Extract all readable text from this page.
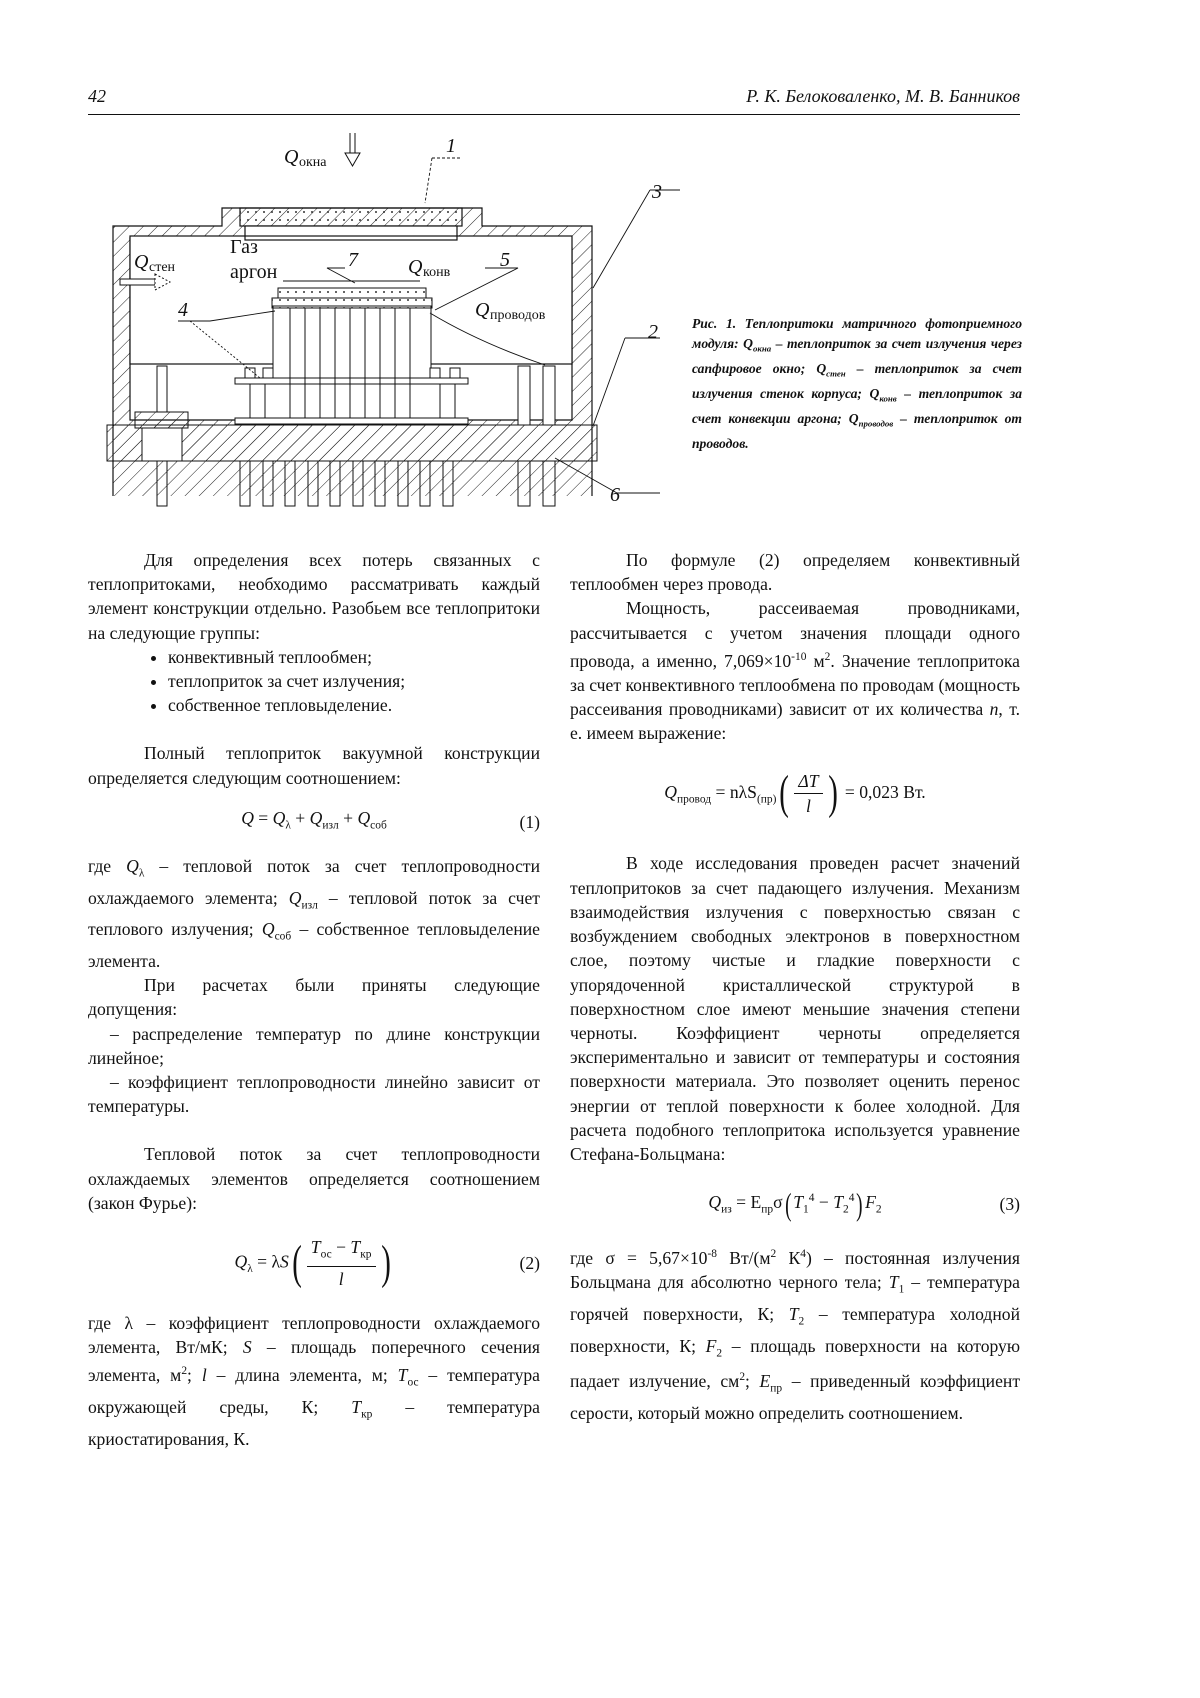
42	Р. К. Белоковаленко, М. В. Банников
Q окна
Q стен
Газ
аргон	Q конв
Q проводов
1
2
3
4
5
6
7
Рис. 1. Теплопритоки матричного фотоприемного модуля: Qокна – теплоприток за счет излучения через сапфировое окно; Qстен – теплоприток за счет излучения стенок корпуса; Qконв – теплоприток за счет конвекции аргона; Qпроводов – теплоприток от проводов.

Для определения всех потерь связанных с теплопритоками, необходимо рассматривать каждый элемент конструкции отдельно. Разобьем все теплопритоки на следующие группы:

• конвективный теплообмен;
• теплоприток за счет излучения;
• собственное тепловыделение.

Полный теплоприток вакуумной конструкции определяется следующим соотношением:

Q = Qλ + Qизл + Qсоб	(1)

где Qλ – тепловой поток за счет теплопроводности охлаждаемого элемента; Qизл – тепловой поток за счет теплового излучения; Qсоб – собственное тепловыделение элемента.

При расчетах были приняты следующие допущения:

– распределение температур по длине конструкции линейное;

– коэффициент теплопроводности линейно зависит от температуры.

Тепловой поток за счет теплопроводности охлаждаемых элементов определяется соотношением (закон Фурье):

Qλ = λS( Tос − Tкр
l )	(2)

где λ – коэффициент теплопроводности охлаждаемого элемента, Вт/мК; S – площадь поперечного сечения элемента, м2; l – длина элемента, м; Tос – температура окружающей среды, К; Tкр – температура криостатирования, К.

По формуле (2) определяем конвективный теплообмен через провода.

Мощность, рассеиваемая проводниками, рассчитывается с учетом значения площади одного провода, а именно, 7,069×10-10 м2. Значение теплопритока за счет конвективного теплообмена по проводам (мощность рассеивания проводниками) зависит от их количества n, т. е. имеем выражение:

Qпровод = nλS(пр)( ΔT
l ) = 0,023 Вт.

В ходе исследования проведен расчет значений теплопритоков за счет падающего излучения. Механизм взаимодействия излучения с поверхностью связан с возбуждением свободных электронов в поверхностном слое, поэтому чистые и гладкие поверхности с упорядоченной кристаллической структурой в поверхностном слое имеют меньшие значения степени черноты. Коэффициент черноты определяется экспериментально и зависит от температуры и состояния поверхности материала. Это позволяет оценить перенос энергии от теплой поверхности к более холодной. Для расчета подобного теплопритока используется уравнение Стефана-Больцмана:

Qиз = Eпрσ( T14 − T24) F2	(3)

где σ = 5,67×10-8 Вт/(м2 К4) – постоянная излучения Больцмана для абсолютно черного тела; T1 – температура горячей поверхности, К; T2 – температура холодной поверхности, К; F2 – площадь поверхности на которую падает излучение, см2; Eпр – приведенный коэффициент серости, который можно определить соотношением.
